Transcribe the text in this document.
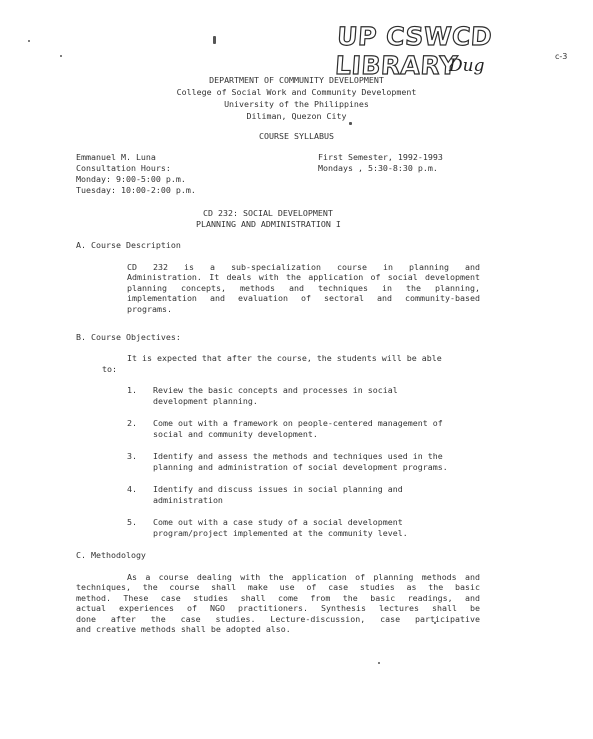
UP CSWCD LIBRARY
Dug	c-3
DEPARTMENT OF COMMUNITY DEVELOPMENT
College of Social Work and Community Development
University of the Philippines
Diliman, Quezon City
COURSE SYLLABUS
Emmanuel M. Luna
Consultation Hours:
Monday: 9:00-5:00 p.m.
Tuesday: 10:00-2:00 p.m.
First Semester, 1992-1993
Mondays , 5:30-8:30 p.m.
CD 232: SOCIAL DEVELOPMENT
PLANNING AND ADMINISTRATION I
A. Course Description
CD 232 is a sub-specialization course in planning and
Administration. It deals with the application of social development
planning concepts, methods and techniques in the planning,
implementation and evaluation of sectoral and community-based
programs.
B. Course Objectives:
It is expected that after the course, the students will be able
to:
1. Review the basic concepts and processes in social
development planning.
2. Come out with a framework on people-centered management of
social and community development.
3. Identify and assess the methods and techniques used in the
planning and administration of social development programs.
4. Identify and discuss issues in social planning and
administration
5. Come out with a case study of a social development
program/project implemented at the community level.
C. Methodology
As a course dealing with the application of planning methods and
techniques, the course shall make use of case studies as the basic
method. These case studies shall come from the basic readings, and
actual experiences of NGO practitioners. Synthesis lectures shall be
done after the case studies. Lecture-discussion, case participative
and creative methods shall be adopted also.
